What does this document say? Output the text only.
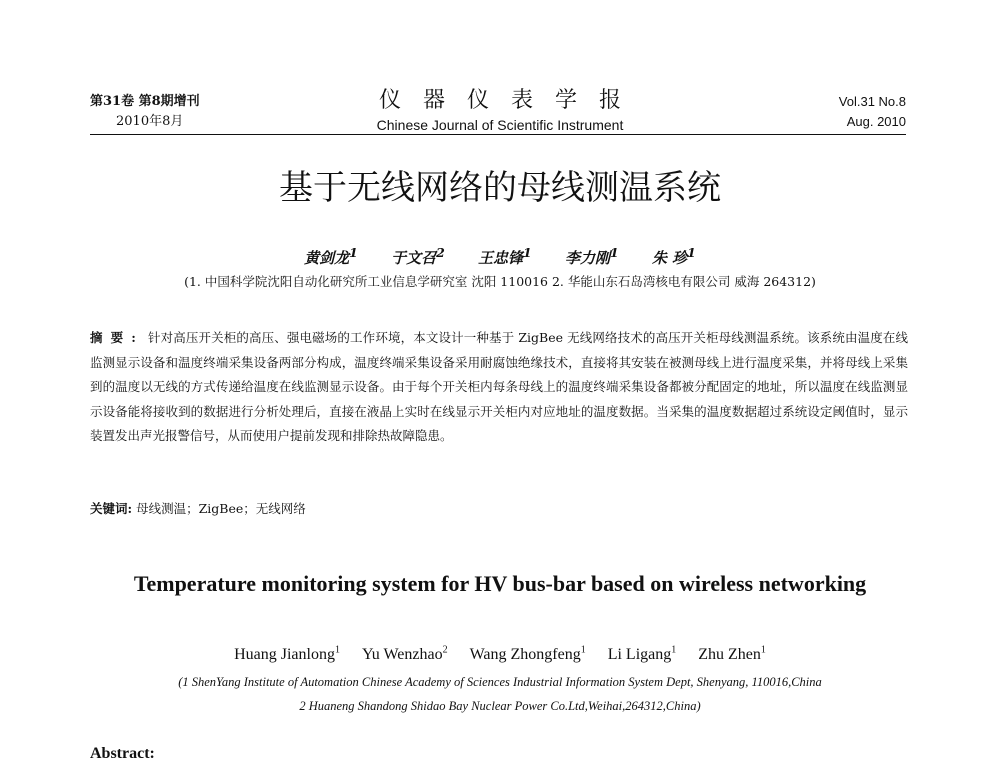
第31卷 第8期增刊
2010年8月
仪器仪表学报
Chinese Journal of Scientific Instrument
Vol.31 No.8
Aug. 2010
基于无线网络的母线测温系统
黄剑龙$^1$ 于文召$^2$ 王忠锋$^1$ 李力刚$^1$ 朱 珍$^1$
(1. 中国科学院沈阳自动化研究所工业信息学研究室 沈阳 110016 2. 华能山东石岛湾核电有限公司 威海 264312)
摘要: 针对高压开关柜的高压、强电磁场的工作环境，本文设计一种基于 ZigBee 无线网络技术的高压开关柜母线测温系统。该系统由温度在线监测显示设备和温度终端采集设备两部分构成，温度终端采集设备采用耐腐蚀绝缘技术，直接将其安装在被测母线上进行温度采集，并将母线上采集到的温度以无线的方式传递给温度在线监测显示设备。由于每个开关柜内每条母线上的温度终端采集设备都被分配固定的地址，所以温度在线监测显示设备能将接收到的数据进行分析处理后，直接在液晶上实时在线显示开关柜内对应地址的温度数据。当采集的温度数据超过系统设定阈值时，显示装置发出声光报警信号，从而使用户提前发现和排除热故障隐患。
关键词: 母线测温；ZigBee；无线网络
Temperature monitoring system for HV bus-bar based on wireless networking
Huang Jianlong$^1$ Yu Wenzhao$^2$ Wang Zhongfeng$^1$ Li Ligang$^1$ Zhu Zhen$^1$
(1 ShenYang Institute of Automation Chinese Academy of Sciences Industrial Information System Dept, Shenyang, 110016,China
2 Huaneng Shandong Shidao Bay Nuclear Power Co.Ltd,Weihai,264312,China)
Abstract:
